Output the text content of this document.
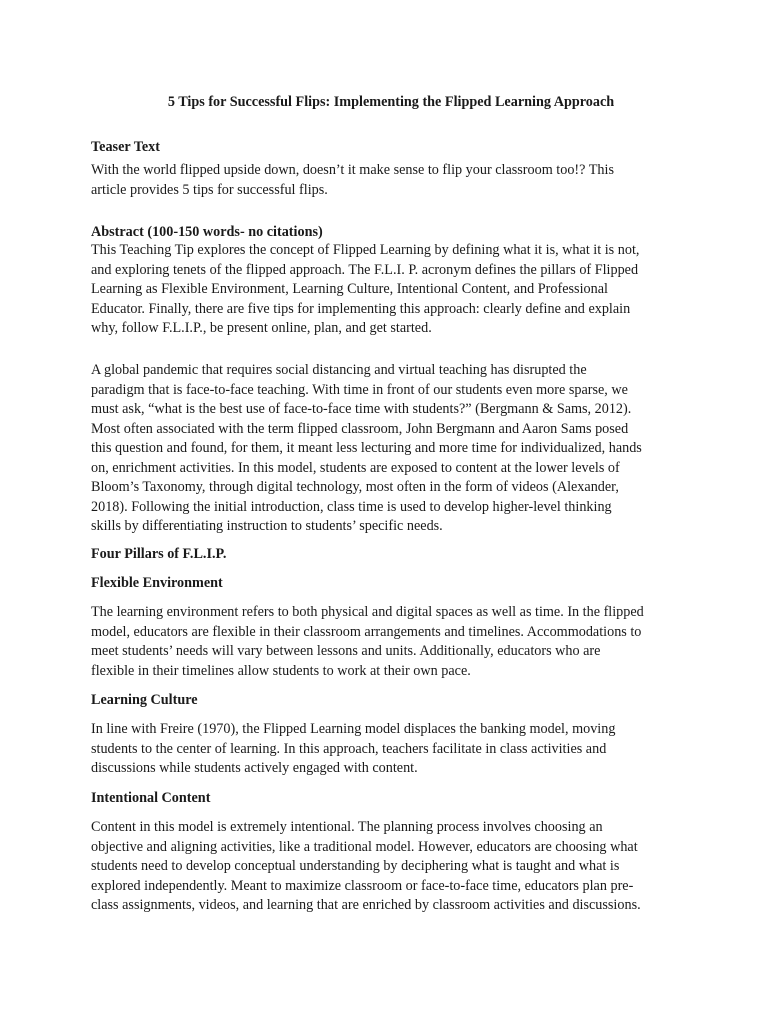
5 Tips for Successful Flips: Implementing the Flipped Learning Approach
Teaser Text
With the world flipped upside down, doesn’t it make sense to flip your classroom too!? This
article provides 5 tips for successful flips.
Abstract (100-150 words- no citations)
This Teaching Tip explores the concept of Flipped Learning by defining what it is, what it is not,
and exploring tenets of the flipped approach. The F.L.I. P. acronym defines the pillars of Flipped
Learning as Flexible Environment, Learning Culture, Intentional Content, and Professional
Educator. Finally, there are five tips for implementing this approach: clearly define and explain
why, follow F.L.I.P., be present online, plan, and get started.
A global pandemic that requires social distancing and virtual teaching has disrupted the
paradigm that is face-to-face teaching. With time in front of our students even more sparse, we
must ask, “what is the best use of face-to-face time with students?” (Bergmann & Sams, 2012).
Most often associated with the term flipped classroom, John Bergmann and Aaron Sams posed
this question and found, for them, it meant less lecturing and more time for individualized, hands
on, enrichment activities. In this model, students are exposed to content at the lower levels of
Bloom’s Taxonomy, through digital technology, most often in the form of videos (Alexander,
2018). Following the initial introduction, class time is used to develop higher-level thinking
skills by differentiating instruction to students’ specific needs.
Four Pillars of F.L.I.P.
Flexible Environment
The learning environment refers to both physical and digital spaces as well as time. In the flipped
model, educators are flexible in their classroom arrangements and timelines. Accommodations to
meet students’ needs will vary between lessons and units. Additionally, educators who are
flexible in their timelines allow students to work at their own pace.
Learning Culture
In line with Freire (1970), the Flipped Learning model displaces the banking model, moving
students to the center of learning. In this approach, teachers facilitate in class activities and
discussions while students actively engaged with content.
Intentional Content
Content in this model is extremely intentional. The planning process involves choosing an
objective and aligning activities, like a traditional model. However, educators are choosing what
students need to develop conceptual understanding by deciphering what is taught and what is
explored independently. Meant to maximize classroom or face-to-face time, educators plan pre-
class assignments, videos, and learning that are enriched by classroom activities and discussions.
